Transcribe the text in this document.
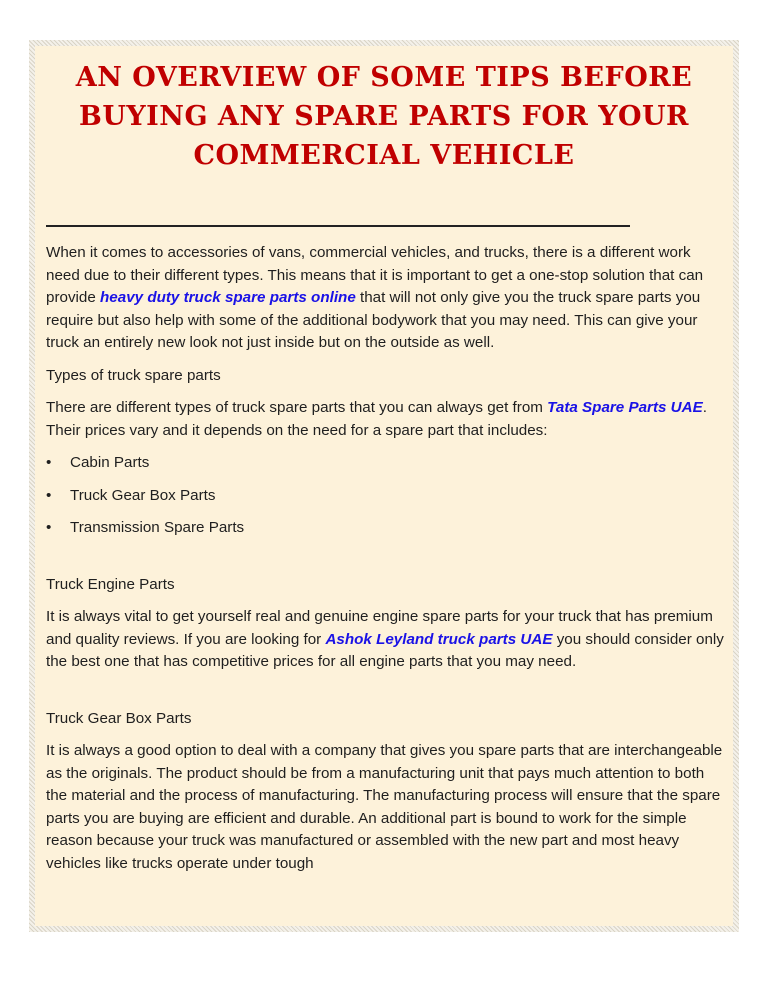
AN OVERVIEW OF SOME TIPS BEFORE BUYING ANY SPARE PARTS FOR YOUR COMMERCIAL VEHICLE

When it comes to accessories of vans, commercial vehicles, and trucks, there is a different work need due to their different types. This means that it is important to get a one-stop solution that can provide heavy duty truck spare parts online that will not only give you the truck spare parts you require but also help with some of the additional bodywork that you may need. This can give your truck an entirely new look not just inside but on the outside as well.

Types of truck spare parts

There are different types of truck spare parts that you can always get from Tata Spare Parts UAE. Their prices vary and it depends on the need for a spare part that includes:

•	Cabin Parts
•	Truck Gear Box Parts
•	Transmission Spare Parts

Truck Engine Parts

It is always vital to get yourself real and genuine engine spare parts for your truck that has premium and quality reviews. If you are looking for Ashok Leyland truck parts UAE you should consider only the best one that has competitive prices for all engine parts that you may need.

Truck Gear Box Parts

It is always a good option to deal with a company that gives you spare parts that are interchangeable as the originals. The product should be from a manufacturing unit that pays much attention to both the material and the process of manufacturing. The manufacturing process will ensure that the spare parts you are buying are efficient and durable. An additional part is bound to work for the simple reason because your truck was manufactured or assembled with the new part and most heavy vehicles like trucks operate under tough
